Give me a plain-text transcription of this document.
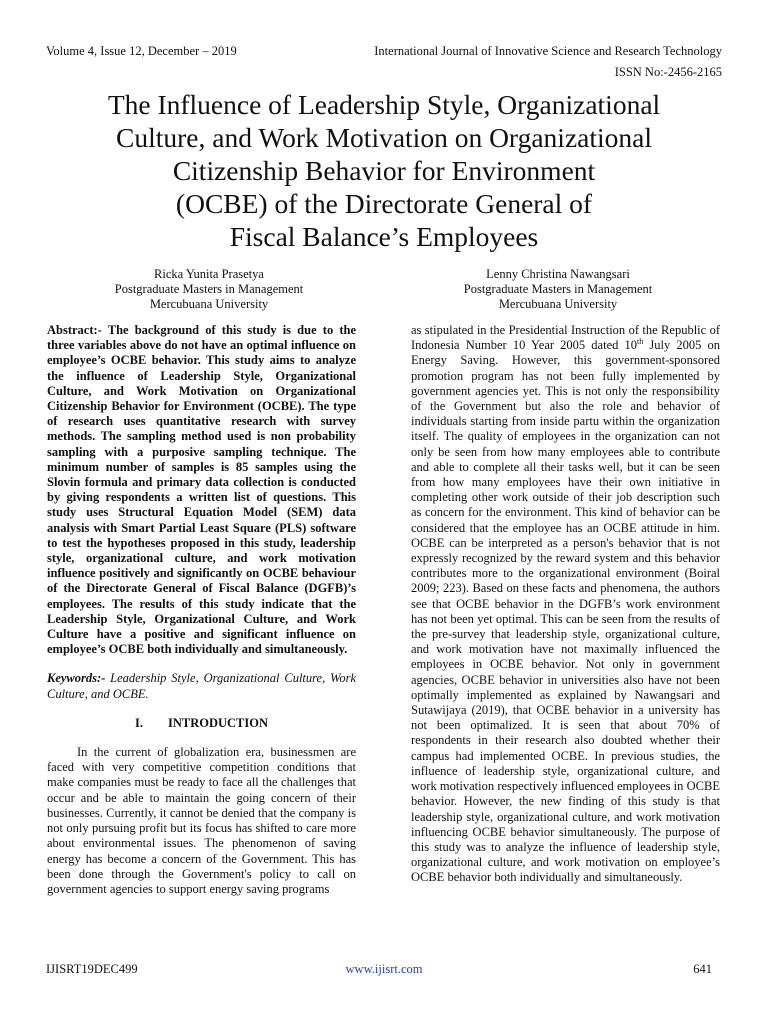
Volume 4, Issue 12, December – 2019	International Journal of Innovative Science and Research Technology
ISSN No:-2456-2165
The Influence of Leadership Style, Organizational
Culture, and Work Motivation on Organizational
Citizenship Behavior for Environment
(OCBE) of the Directorate General of
Fiscal Balance’s Employees
Ricka Yunita Prasetya
Postgraduate Masters in Management
Mercubuana University
Lenny Christina Nawangsari
Postgraduate Masters in Management
Mercubuana University

Abstract:- The background of this study is due to the three variables above do not have an optimal influence on employee’s OCBE behavior. This study aims to analyze the influence of Leadership Style, Organizational Culture, and Work Motivation on Organizational Citizenship Behavior for Environment (OCBE). The type of research uses quantitative research with survey methods. The sampling method used is non probability sampling with a purposive sampling technique. The minimum number of samples is 85 samples using the Slovin formula and primary data collection is conducted by giving respondents a written list of questions. This study uses Structural Equation Model (SEM) data analysis with Smart Partial Least Square (PLS) software to test the hypotheses proposed in this study, leadership style, organizational culture, and work motivation influence positively and significantly on OCBE behaviour of the Directorate General of Fiscal Balance (DGFB)’s employees. The results of this study indicate that the Leadership Style, Organizational Culture, and Work Culture have a positive and significant influence on employee’s OCBE both individually and simultaneously.

Keywords:- Leadership Style, Organizational Culture, Work Culture, and OCBE.

I.        INTRODUCTION

In the current of globalization era, businessmen are faced with very competitive competition conditions that make companies must be ready to face all the challenges that occur and be able to maintain the going concern of their businesses. Currently, it cannot be denied that the company is not only pursuing profit but its focus has shifted to care more about environmental issues. The phenomenon of saving energy has become a concern of the Government. This has been done through the Government's policy to call on government agencies to support energy saving programs

as stipulated in the Presidential Instruction of the Republic of Indonesia Number 10 Year 2005 dated 10th July 2005 on Energy Saving. However, this government-sponsored promotion program has not been fully implemented by government agencies yet. This is not only the responsibility of the Government but also the role and behavior of individuals starting from inside partu within the organization itself. The quality of employees in the organization can not only be seen from how many employees able to contribute and able to complete all their tasks well, but it can be seen from how many employees have their own initiative in completing other work outside of their job description such as concern for the environment. This kind of behavior can be considered that the employee has an OCBE attitude in him. OCBE can be interpreted as a person's behavior that is not expressly recognized by the reward system and this behavior contributes more to the organizational environment (Boiral 2009; 223). Based on these facts and phenomena, the authors see that OCBE behavior in the DGFB’s work environment has not been yet optimal. This can be seen from the results of the pre-survey that leadership style, organizational culture, and work motivation have not maximally influenced the employees in OCBE behavior. Not only in government agencies, OCBE behavior in universities also have not been optimally implemented as explained by Nawangsari and Sutawijaya (2019), that OCBE behavior in a university has not been optimalized. It is seen that about 70% of respondents in their research also doubted whether their campus had implemented OCBE. In previous studies, the influence of leadership style, organizational culture, and work motivation respectively influenced employees in OCBE behavior. However, the new finding of this study is that leadership style, organizational culture, and work motivation influencing OCBE behavior simultaneously. The purpose of this study was to analyze the influence of leadership style, organizational culture, and work motivation on employee’s OCBE behavior both individually and simultaneously.

IJISRT19DEC499	www.ijisrt.com	641
